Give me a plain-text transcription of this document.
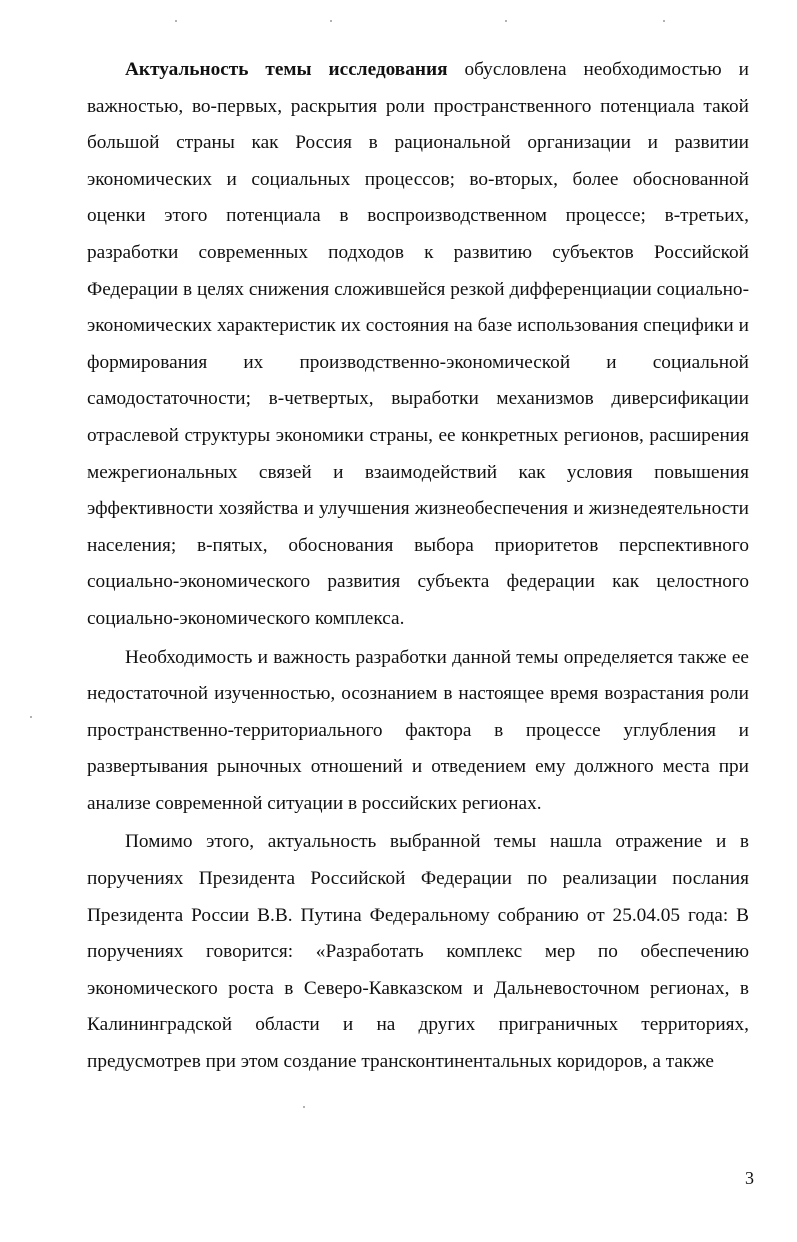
Актуальность темы исследования обусловлена необходимостью и важностью, во-первых, раскрытия роли пространственного потенциала такой большой страны как Россия в рациональной организации и развитии экономических и социальных процессов; во-вторых, более обоснованной оценки этого потенциала в воспроизводственном процессе; в-третьих, разработки современных подходов к развитию субъектов Российской Федерации в целях снижения сложившейся резкой дифференциации социально-экономических характеристик их состояния на базе использования специфики и формирования их производственно-экономической и социальной самодостаточности; в-четвертых, выработки механизмов диверсификации отраслевой структуры экономики страны, ее конкретных регионов, расширения межрегиональных связей и взаимодействий как условия повышения эффективности хозяйства и улучшения жизнеобеспечения и жизнедеятельности населения; в-пятых, обоснования выбора приоритетов перспективного социально-экономического развития субъекта федерации как целостного социально-экономического комплекса.

Необходимость и важность разработки данной темы определяется также ее недостаточной изученностью, осознанием в настоящее время возрастания роли пространственно-территориального фактора в процессе углубления и развертывания рыночных отношений и отведением ему должного места при анализе современной ситуации в российских регионах.

Помимо этого, актуальность выбранной темы нашла отражение и в поручениях Президента Российской Федерации по реализации послания Президента России В.В. Путина Федеральному собранию от 25.04.05 года: В поручениях говорится: «Разработать комплекс мер по обеспечению экономического роста в Северо-Кавказском и Дальневосточном регионах, в Калининградской области и на других приграничных территориях, предусмотрев при этом создание трансконтинентальных коридоров, а также

3
